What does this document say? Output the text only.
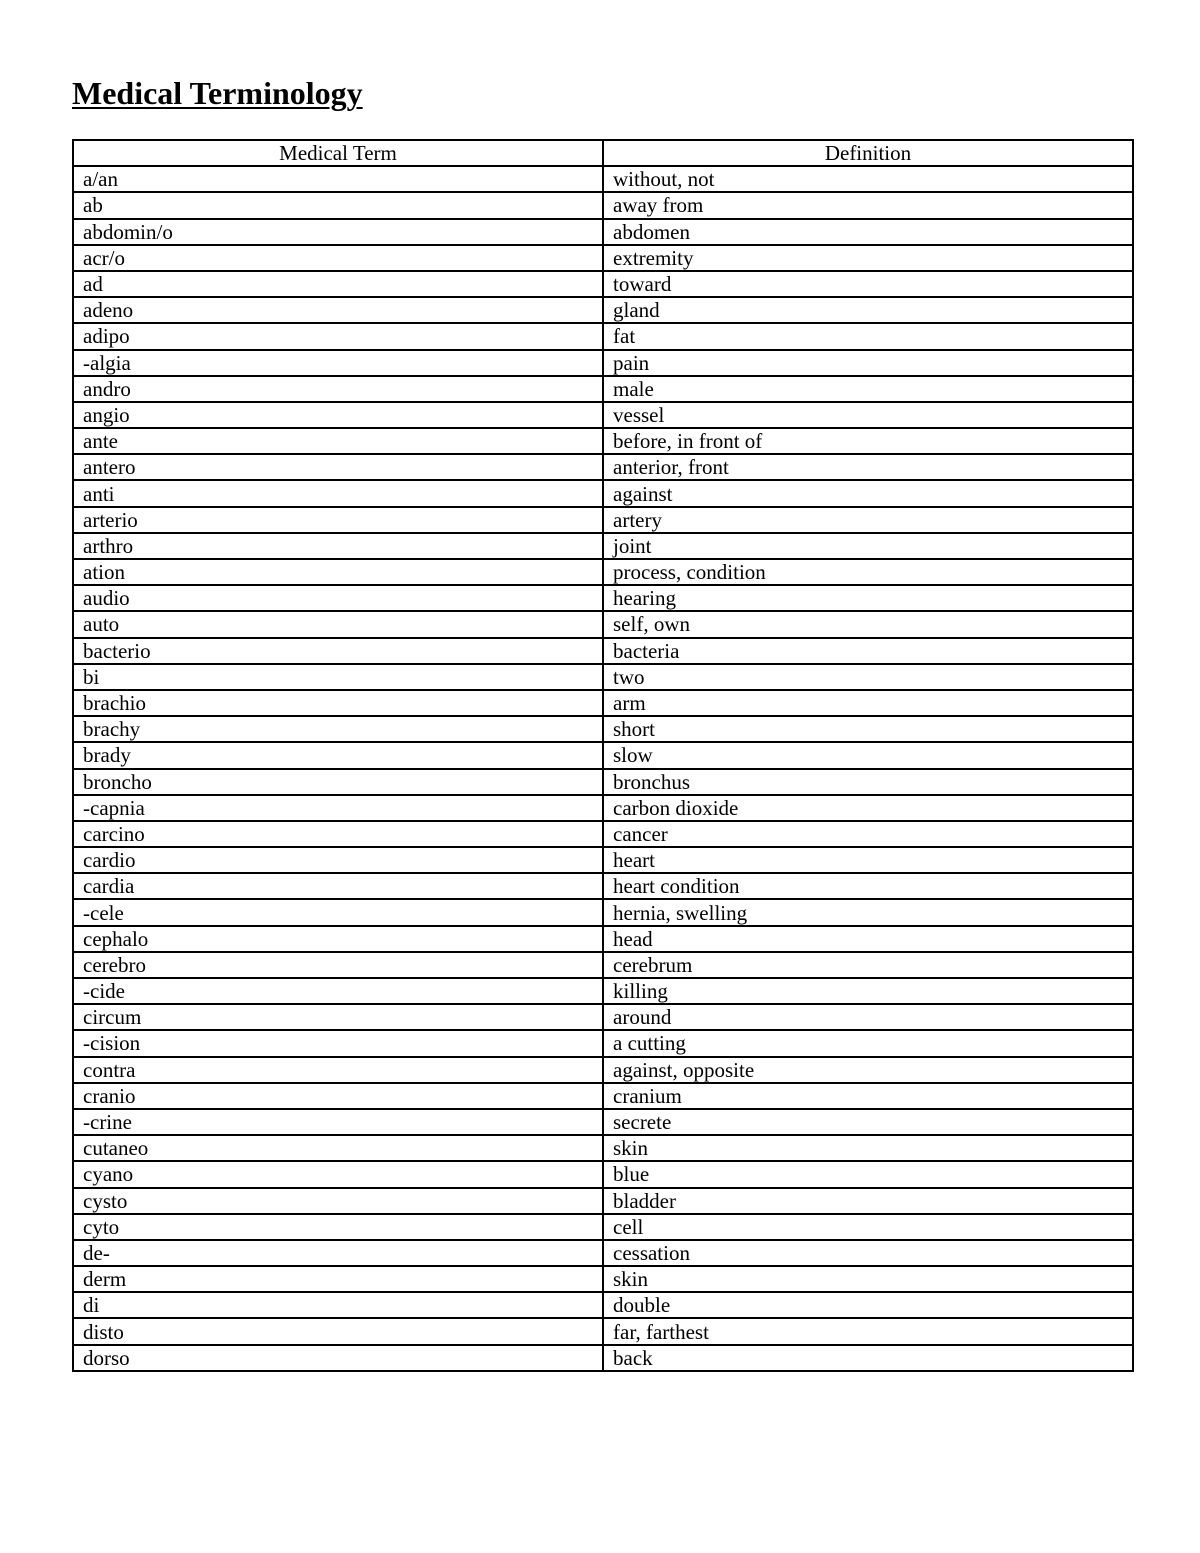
Medical Terminology
Medical Term	Definition
a/an	without, not
ab	away from
abdomin/o	abdomen
acr/o	extremity
ad	toward
adeno	gland
adipo	fat
-algia	pain
andro	male
angio	vessel
ante	before, in front of
antero	anterior, front
anti	against
arterio	artery
arthro	joint
ation	process, condition
audio	hearing
auto	self, own
bacterio	bacteria
bi	two
brachio	arm
brachy	short
brady	slow
broncho	bronchus
-capnia	carbon dioxide
carcino	cancer
cardio	heart
cardia	heart condition
-cele	hernia, swelling
cephalo	head
cerebro	cerebrum
-cide	killing
circum	around
-cision	a cutting
contra	against, opposite
cranio	cranium
-crine	secrete
cutaneo	skin
cyano	blue
cysto	bladder
cyto	cell
de-	cessation
derm	skin
di	double
disto	far, farthest
dorso	back
